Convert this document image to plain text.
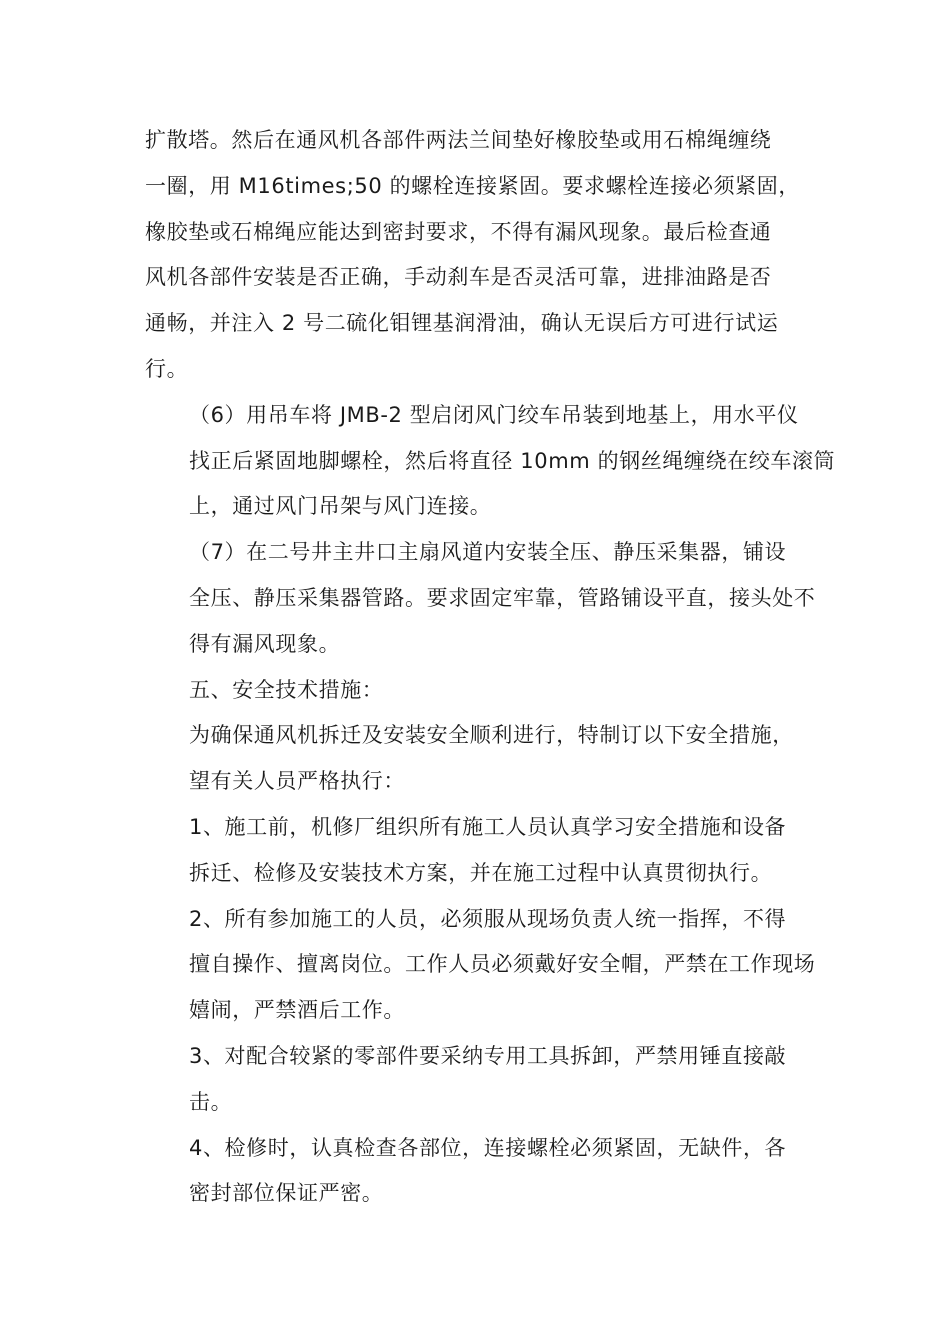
扩散塔。然后在通风机各部件两法兰间垫好橡胶垫或用石棉绳缠绕
一圈，用 M16times;50 的螺栓连接紧固。要求螺栓连接必须紧固，
橡胶垫或石棉绳应能达到密封要求，不得有漏风现象。最后检查通
风机各部件安装是否正确，手动刹车是否灵活可靠，进排油路是否
通畅，并注入 2 号二硫化钼锂基润滑油，确认无误后方可进行试运
行。

（6）用吊车将 JMB-2 型启闭风门绞车吊装到地基上，用水平仪
找正后紧固地脚螺栓，然后将直径 10mm 的钢丝绳缠绕在绞车滚筒
上，通过风门吊架与风门连接。

（7）在二号井主井口主扇风道内安装全压、静压采集器，铺设
全压、静压采集器管路。要求固定牢靠，管路铺设平直，接头处不
得有漏风现象。

五、安全技术措施：

为确保通风机拆迁及安装安全顺利进行，特制订以下安全措施，
望有关人员严格执行：

1、施工前，机修厂组织所有施工人员认真学习安全措施和设备
拆迁、检修及安装技术方案，并在施工过程中认真贯彻执行。

2、所有参加施工的人员，必须服从现场负责人统一指挥，不得
擅自操作、擅离岗位。工作人员必须戴好安全帽，严禁在工作现场
嬉闹，严禁酒后工作。

3、对配合较紧的零部件要采纳专用工具拆卸，严禁用锤直接敲
击。

4、检修时，认真检查各部位，连接螺栓必须紧固，无缺件，各
密封部位保证严密。
